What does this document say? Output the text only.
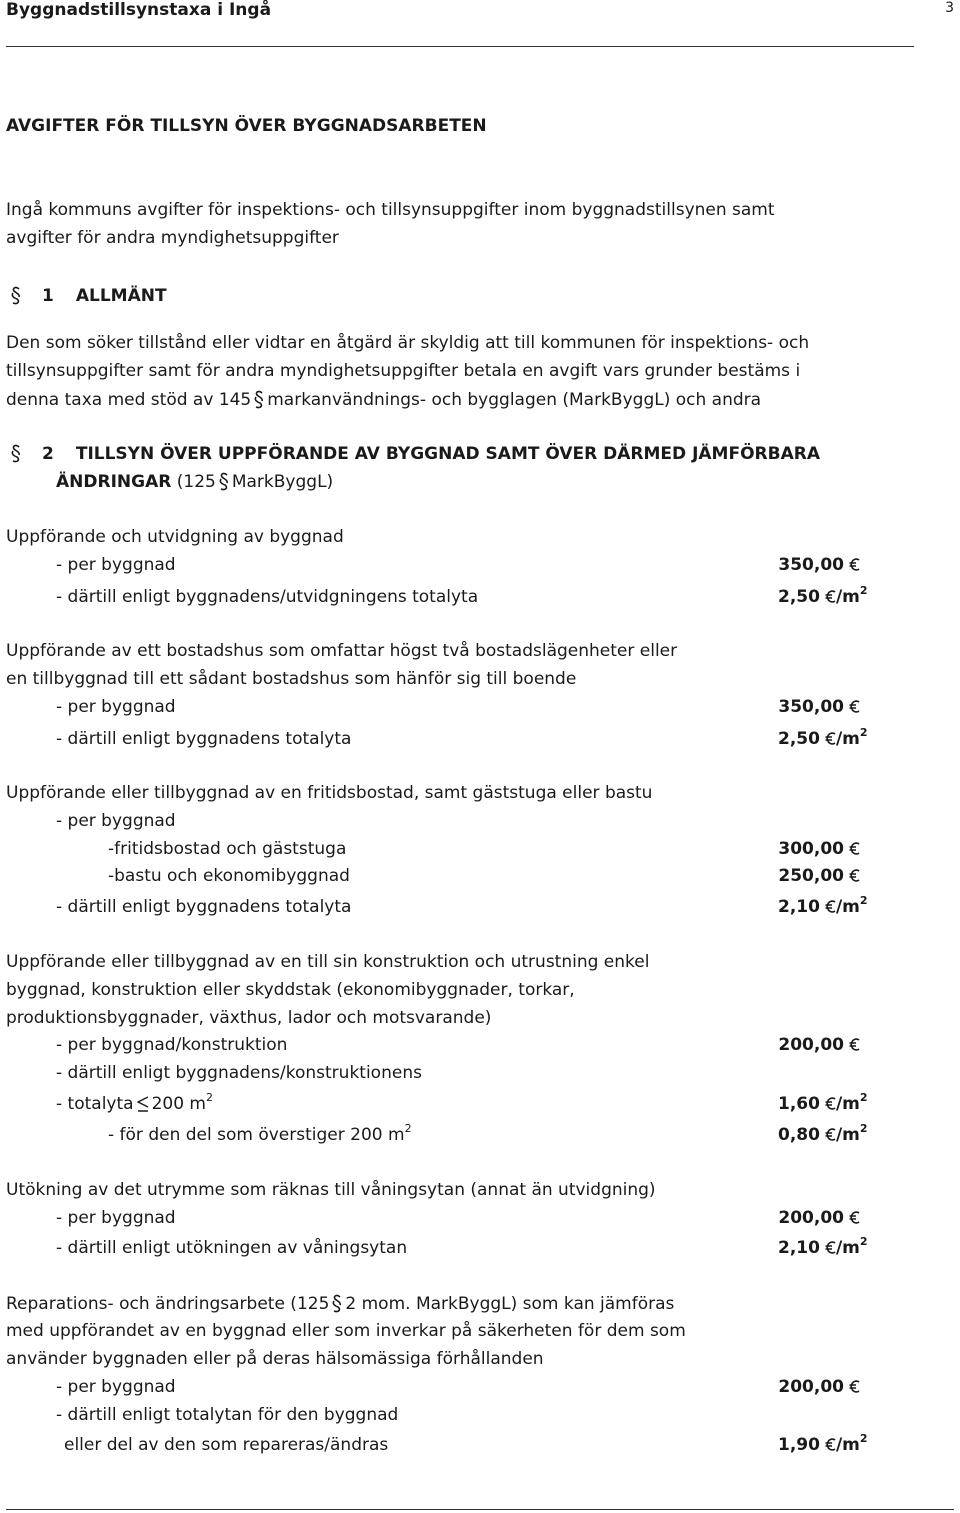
Byggnadstillsynstaxa i Ingå	3
AVGIFTER FÖR TILLSYN ÖVER BYGGNADSARBETEN
Ingå kommuns avgifter för inspektions- och tillsynsuppgifter inom byggnadstillsynen samt
avgifter för andra myndighetsuppgifter
1 ALLMÄNT
Den som söker tillstånd eller vidtar en åtgärd är skyldig att till kommunen för inspektions- och
tillsynsuppgifter samt för andra myndighetsuppgifter betala en avgift vars grunder bestäms i
denna taxa med stöd av 145 markanvändnings- och bygglagen (MarkByggL) och andra
2 TILLSYN ÖVER UPPFÖRANDE AV BYGGNAD SAMT ÖVER DÄRMED JÄMFÖRBARA
ÄNDRINGAR (125 MarkByggL)
Uppförande och utvidgning av byggnad
- per byggnad	350,00
- därtill enligt byggnadens/utvidgningens totalyta	2,50 $/m^2$
Uppförande av ett bostadshus som omfattar högst två bostadslägenheter eller
en tillbyggnad till ett sådant bostadshus som hänför sig till boende
- per byggnad	350,00
- därtill enligt byggnadens totalyta	2,50 $/m^2$
Uppförande eller tillbyggnad av en fritidsbostad, samt gäststuga eller bastu
- per byggnad
-fritidsbostad och gäststuga	300,00
-bastu och ekonomibyggnad	250,00
- därtill enligt byggnadens totalyta	2,10 $/m^2$
Uppförande eller tillbyggnad av en till sin konstruktion och utrustning enkel
byggnad, konstruktion eller skyddstak (ekonomibyggnader, torkar,
produktionsbyggnader, växthus, lador och motsvarande)
- per byggnad/konstruktion	200,00
- därtill enligt byggnadens/konstruktionens
- totalyta 200 $m^2$	1,60 $/m^2$
- för den del som överstiger 200 $m^2$	0,80 $/m^2$
Utökning av det utrymme som räknas till våningsytan (annat än utvidgning)
- per byggnad	200,00
- därtill enligt utökningen av våningsytan	2,10 $/m^2$
Reparations- och ändringsarbete (125 2 mom. MarkByggL) som kan jämföras
med uppförandet av en byggnad eller som inverkar på säkerheten för dem som
använder byggnaden eller på deras hälsomässiga förhållanden
- per byggnad	200,00
- därtill enligt totalytan för den byggnad
eller del av den som repareras/ändras	1,90 $/m^2$
